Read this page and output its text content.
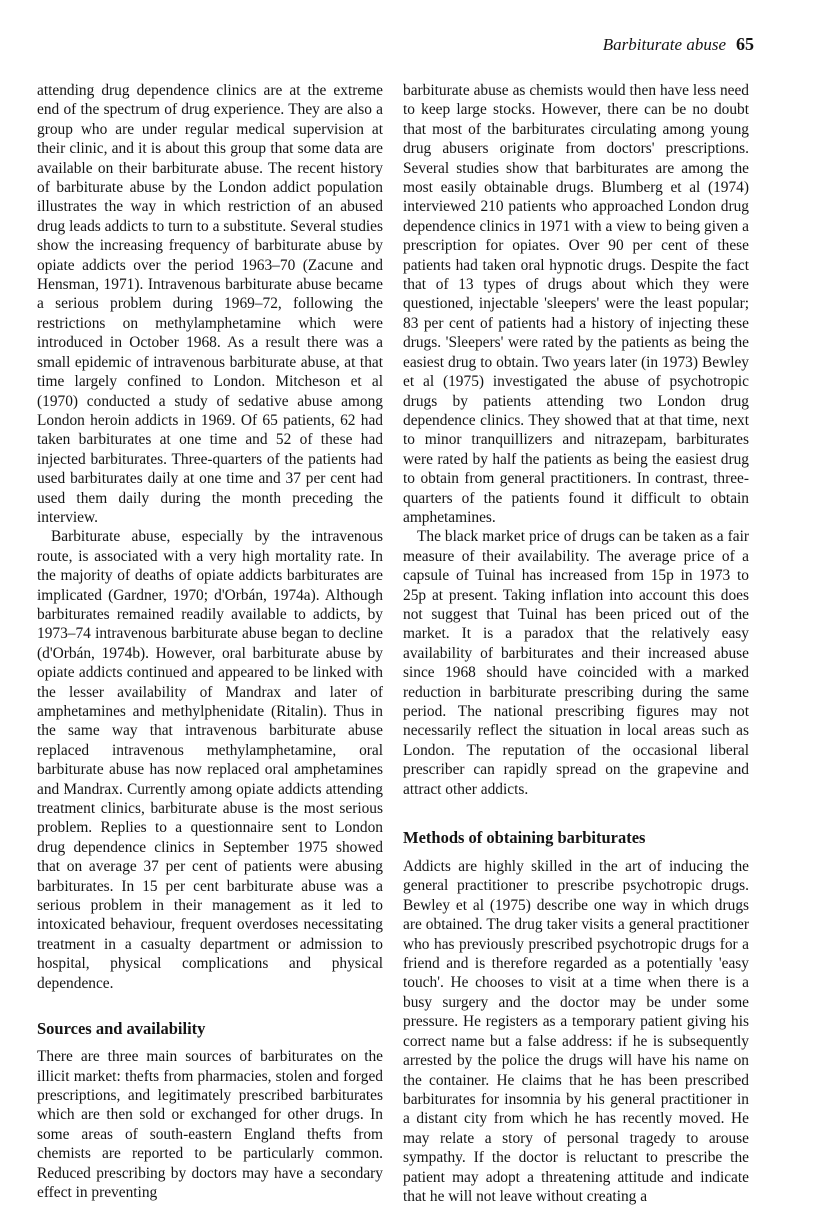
Barbiturate abuse 65

attending drug dependence clinics are at the extreme end of the spectrum of drug experience. They are also a group who are under regular medical supervision at their clinic, and it is about this group that some data are available on their barbiturate abuse. The recent history of barbiturate abuse by the London addict population illustrates the way in which restriction of an abused drug leads addicts to turn to a substitute. Several studies show the increasing frequency of barbiturate abuse by opiate addicts over the period 1963–70 (Zacune and Hensman, 1971). Intravenous barbiturate abuse became a serious problem during 1969–72, following the restrictions on methylamphetamine which were introduced in October 1968. As a result there was a small epidemic of intravenous barbiturate abuse, at that time largely confined to London. Mitcheson et al (1970) conducted a study of sedative abuse among London heroin addicts in 1969. Of 65 patients, 62 had taken barbiturates at one time and 52 of these had injected barbiturates. Three-quarters of the patients had used barbiturates daily at one time and 37 per cent had used them daily during the month preceding the interview.

Barbiturate abuse, especially by the intravenous route, is associated with a very high mortality rate. In the majority of deaths of opiate addicts barbiturates are implicated (Gardner, 1970; d'Orbán, 1974a). Although barbiturates remained readily available to addicts, by 1973–74 intravenous barbiturate abuse began to decline (d'Orbán, 1974b). However, oral barbiturate abuse by opiate addicts continued and appeared to be linked with the lesser availability of Mandrax and later of amphetamines and methylphenidate (Ritalin). Thus in the same way that intravenous barbiturate abuse replaced intravenous methylamphetamine, oral barbiturate abuse has now replaced oral amphetamines and Mandrax. Currently among opiate addicts attending treatment clinics, barbiturate abuse is the most serious problem. Replies to a questionnaire sent to London drug dependence clinics in September 1975 showed that on average 37 per cent of patients were abusing barbiturates. In 15 per cent barbiturate abuse was a serious problem in their management as it led to intoxicated behaviour, frequent overdoses necessitating treatment in a casualty department or admission to hospital, physical complications and physical dependence.

Sources and availability

There are three main sources of barbiturates on the illicit market: thefts from pharmacies, stolen and forged prescriptions, and legitimately prescribed barbiturates which are then sold or exchanged for other drugs. In some areas of south-eastern England thefts from chemists are reported to be particularly common. Reduced prescribing by doctors may have a secondary effect in preventing

barbiturate abuse as chemists would then have less need to keep large stocks. However, there can be no doubt that most of the barbiturates circulating among young drug abusers originate from doctors' prescriptions. Several studies show that barbiturates are among the most easily obtainable drugs. Blumberg et al (1974) interviewed 210 patients who approached London drug dependence clinics in 1971 with a view to being given a prescription for opiates. Over 90 per cent of these patients had taken oral hypnotic drugs. Despite the fact that of 13 types of drugs about which they were questioned, injectable 'sleepers' were the least popular; 83 per cent of patients had a history of injecting these drugs. 'Sleepers' were rated by the patients as being the easiest drug to obtain. Two years later (in 1973) Bewley et al (1975) investigated the abuse of psychotropic drugs by patients attending two London drug dependence clinics. They showed that at that time, next to minor tranquillizers and nitrazepam, barbiturates were rated by half the patients as being the easiest drug to obtain from general practitioners. In contrast, three-quarters of the patients found it difficult to obtain amphetamines.

The black market price of drugs can be taken as a fair measure of their availability. The average price of a capsule of Tuinal has increased from 15p in 1973 to 25p at present. Taking inflation into account this does not suggest that Tuinal has been priced out of the market. It is a paradox that the relatively easy availability of barbiturates and their increased abuse since 1968 should have coincided with a marked reduction in barbiturate prescribing during the same period. The national prescribing figures may not necessarily reflect the situation in local areas such as London. The reputation of the occasional liberal prescriber can rapidly spread on the grapevine and attract other addicts.

Methods of obtaining barbiturates

Addicts are highly skilled in the art of inducing the general practitioner to prescribe psychotropic drugs. Bewley et al (1975) describe one way in which drugs are obtained. The drug taker visits a general practitioner who has previously prescribed psychotropic drugs for a friend and is therefore regarded as a potentially 'easy touch'. He chooses to visit at a time when there is a busy surgery and the doctor may be under some pressure. He registers as a temporary patient giving his correct name but a false address: if he is subsequently arrested by the police the drugs will have his name on the container. He claims that he has been prescribed barbiturates for insomnia by his general practitioner in a distant city from which he has recently moved. He may relate a story of personal tragedy to arouse sympathy. If the doctor is reluctant to prescribe the patient may adopt a threatening attitude and indicate that he will not leave without creating a
